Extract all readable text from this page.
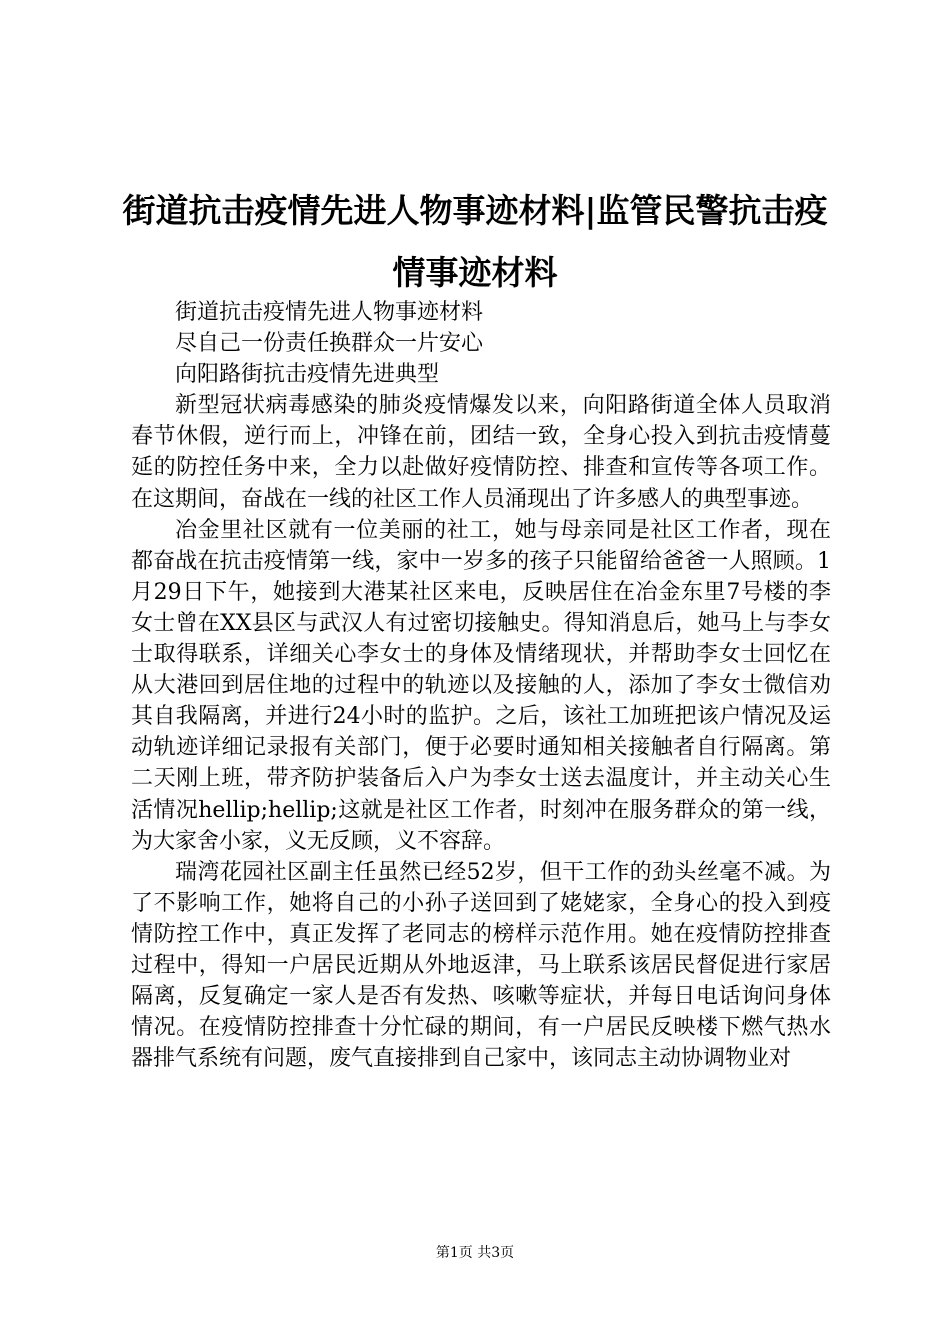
街道抗击疫情先进人物事迹材料|监管民警抗击疫情事迹材料

街道抗击疫情先进人物事迹材料

尽自己一份责任换群众一片安心

向阳路街抗击疫情先进典型

新型冠状病毒感染的肺炎疫情爆发以来，向阳路街道全体人员取消春节休假，逆行而上，冲锋在前，团结一致，全身心投入到抗击疫情蔓延的防控任务中来，全力以赴做好疫情防控、排查和宣传等各项工作。在这期间，奋战在一线的社区工作人员涌现出了许多感人的典型事迹。

冶金里社区就有一位美丽的社工，她与母亲同是社区工作者，现在都奋战在抗击疫情第一线，家中一岁多的孩子只能留给爸爸一人照顾。1月29日下午，她接到大港某社区来电，反映居住在冶金东里7号楼的李女士曾在XX县区与武汉人有过密切接触史。得知消息后，她马上与李女士取得联系，详细关心李女士的身体及情绪现状，并帮助李女士回忆在从大港回到居住地的过程中的轨迹以及接触的人，添加了李女士微信劝其自我隔离，并进行24小时的监护。之后，该社工加班把该户情况及运动轨迹详细记录报有关部门，便于必要时通知相关接触者自行隔离。第二天刚上班，带齐防护装备后入户为李女士送去温度计，并主动关心生活情况hellip;hellip;这就是社区工作者，时刻冲在服务群众的第一线，为大家舍小家，义无反顾，义不容辞。

瑞湾花园社区副主任虽然已经52岁，但干工作的劲头丝毫不减。为了不影响工作，她将自己的小孙子送回到了姥姥家，全身心的投入到疫情防控工作中，真正发挥了老同志的榜样示范作用。她在疫情防控排查过程中，得知一户居民近期从外地返津，马上联系该居民督促进行家居隔离，反复确定一家人是否有发热、咳嗽等症状，并每日电话询问身体情况。在疫情防控排查十分忙碌的期间，有一户居民反映楼下燃气热水器排气系统有问题，废气直接排到自己家中，该同志主动协调物业对

第1页 共3页
